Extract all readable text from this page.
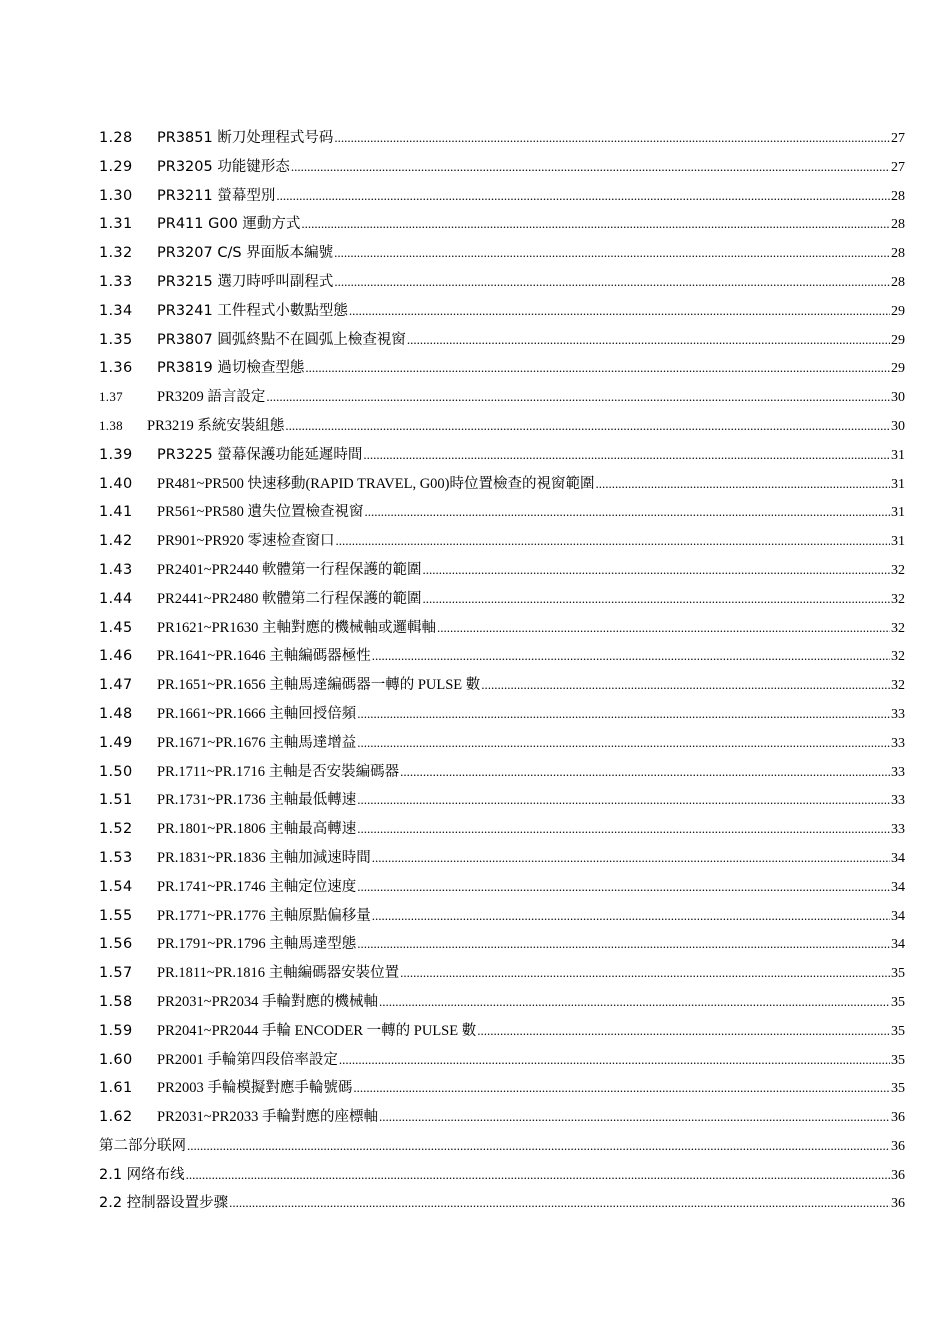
1.28	PR3851 断刀处理程式号码 .....	27
1.29	PR3205 功能键形态 .....	27
1.30	PR3211 螢幕型別 .....	28
1.31	PR411 G00 運動方式 .....	28
1.32	PR3207 C/S 界面版本編號 .....	28
1.33	PR3215 選刀時呼叫副程式 .....	28
1.34	PR3241 工件程式小數點型態 .....	29
1.35	PR3807 圓弧終點不在圓弧上檢查視窗 .....	29
1.36	PR3819 過切檢查型態 .....	29
1.37	PR3209 語言設定 .....	30
1.38	PR3219 系統安裝組態 .....	30
1.39	PR3225 螢幕保護功能延遲時間 .....	31
1.40	PR481~PR500 快速移動(RAPID TRAVEL, G00)時位置檢查的視窗範圍 .....	31
1.41	PR561~PR580 遺失位置檢查視窗 .....	31
1.42	PR901~PR920 零速检查窗口 .....	31
1.43	PR2401~PR2440 軟體第一行程保護的範圍 .....	32
1.44	PR2441~PR2480 軟體第二行程保護的範圍 .....	32
1.45	PR1621~PR1630 主軸對應的機械軸或邏輯軸 .....	32
1.46	PR.1641~PR.1646 主軸編碼器極性 .....	32
1.47	PR.1651~PR.1656 主軸馬達編碼器一轉的 PULSE 數 .....	32
1.48	PR.1661~PR.1666 主軸回授倍頻 .....	33
1.49	PR.1671~PR.1676 主軸馬達增益 .....	33
1.50	PR.1711~PR.1716 主軸是否安裝編碼器 .....	33
1.51	PR.1731~PR.1736 主軸最低轉速 .....	33
1.52	PR.1801~PR.1806 主軸最高轉速 .....	33
1.53	PR.1831~PR.1836 主軸加減速時間 .....	34
1.54	PR.1741~PR.1746 主軸定位速度 .....	34
1.55	PR.1771~PR.1776 主軸原點偏移量 .....	34
1.56	PR.1791~PR.1796 主軸馬達型態 .....	34
1.57	PR.1811~PR.1816 主軸編碼器安裝位置 .....	35
1.58	PR2031~PR2034 手輪對應的機械軸 .....	35
1.59	PR2041~PR2044 手輪 ENCODER 一轉的 PULSE 數 .....	35
1.60	PR2001 手輪第四段倍率設定 .....	35
1.61	PR2003 手輪模擬對應手輪號碼 .....	35
1.62	PR2031~PR2033 手輪對應的座標軸 .....	36
第二部分联网 .....	36
2.1 网络布线 .....	36
2.2 控制器设置步骤 .....	36
